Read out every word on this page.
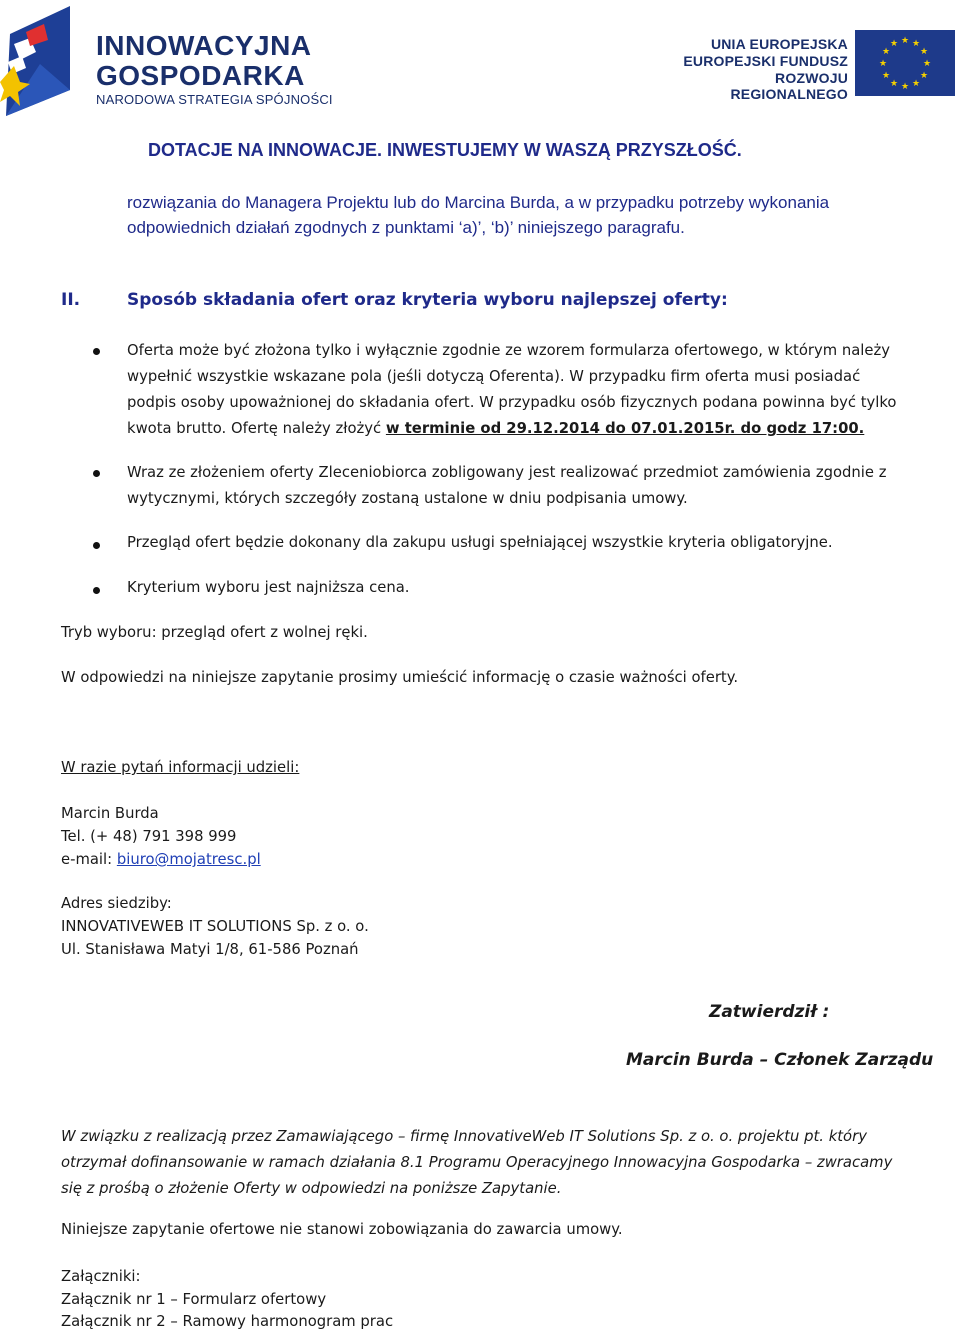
INNOWACYJNA
GOSPODARKA
NARODOWA STRATEGIA SPÓJNOŚCI
UNIA EUROPEJSKA
EUROPEJSKI FUNDUSZ
ROZWOJU REGIONALNEGO
★ ★
★
★
★
★
★
★
★
★
★
★
DOTACJE NA INNOWACJE. INWESTUJEMY W WASZĄ PRZYSZŁOŚĆ.
rozwiązania do Managera Projektu lub do Marcina Burda, a w przypadku potrzeby wykonania
odpowiednich działań zgodnych z punktami ‘a)’, ‘b)’ niniejszego paragrafu.
II.	Sposób składania ofert oraz kryteria wyboru najlepszej oferty:
Oferta może być złożona tylko i wyłącznie zgodnie ze wzorem formularza ofertowego, w którym należy
wypełnić wszystkie wskazane pola (jeśli dotyczą Oferenta). W przypadku firm oferta musi posiadać
podpis osoby upoważnionej do składania ofert. W przypadku osób fizycznych podana powinna być tylko
kwota brutto. Ofertę należy złożyć w terminie od 29.12.2014 do 07.01.2015r. do godz 17:00.
Wraz ze złożeniem oferty Zleceniobiorca zobligowany jest realizować przedmiot zamówienia zgodnie z
wytycznymi, których szczegóły zostaną ustalone w dniu podpisania umowy.
Przegląd ofert będzie dokonany dla zakupu usługi spełniającej wszystkie kryteria obligatoryjne.
Kryterium wyboru jest najniższa cena.
Tryb wyboru: przegląd ofert z wolnej ręki.
W odpowiedzi na niniejsze zapytanie prosimy umieścić informację o czasie ważności oferty.
W razie pytań informacji udzieli:
Marcin Burda
Tel. (+ 48) 791 398 999
e-mail: biuro@mojatresc.pl
Adres siedziby:
INNOVATIVEWEB IT SOLUTIONS Sp. z o. o.
Ul. Stanisława Matyi 1/8, 61-586 Poznań
Zatwierdził :
Marcin Burda – Członek Zarządu
W związku z realizacją przez Zamawiającego – firmę InnovativeWeb IT Solutions Sp. z o. o. projektu pt. który
otrzymał dofinansowanie w ramach działania 8.1 Programu Operacyjnego Innowacyjna Gospodarka – zwracamy
się z prośbą o złożenie Oferty w odpowiedzi na poniższe Zapytanie.
Niniejsze zapytanie ofertowe nie stanowi zobowiązania do zawarcia umowy.
Załączniki:
Załącznik nr 1 – Formularz ofertowy
Załącznik nr 2 – Ramowy harmonogram prac
